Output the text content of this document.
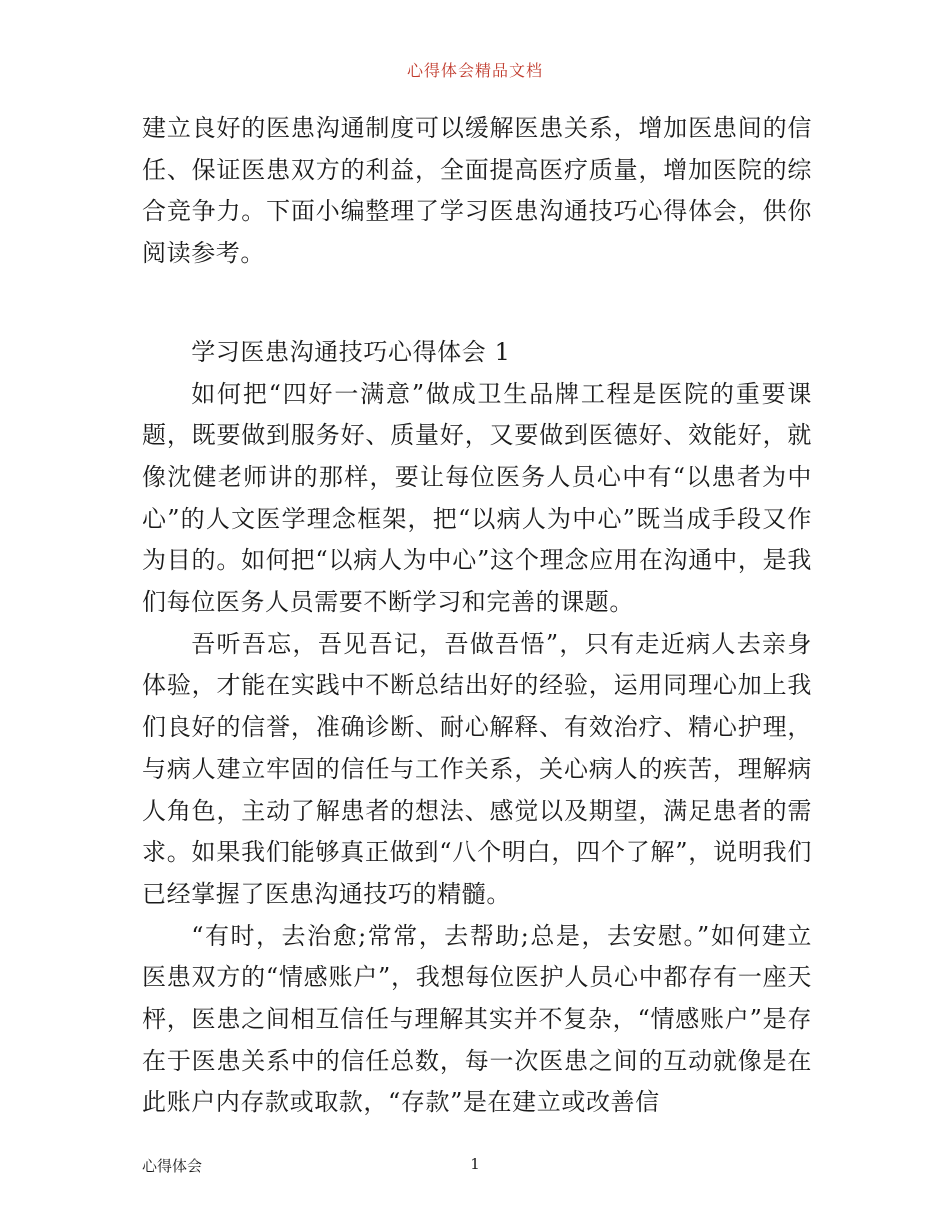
心得体会精品文档

建立良好的医患沟通制度可以缓解医患关系，增加医患间的信任、保证医患双方的利益，全面提高医疗质量，增加医院的综合竞争力。下面小编整理了学习医患沟通技巧心得体会，供你阅读参考。

学习医患沟通技巧心得体会 1

如何把“四好一满意”做成卫生品牌工程是医院的重要课题，既要做到服务好、质量好，又要做到医德好、效能好，就像沈健老师讲的那样，要让每位医务人员心中有“以患者为中心”的人文医学理念框架，把“以病人为中心”既当成手段又作为目的。如何把“以病人为中心”这个理念应用在沟通中，是我们每位医务人员需要不断学习和完善的课题。

吾听吾忘，吾见吾记，吾做吾悟”，只有走近病人去亲身体验，才能在实践中不断总结出好的经验，运用同理心加上我们良好的信誉，准确诊断、耐心解释、有效治疗、精心护理，与病人建立牢固的信任与工作关系，关心病人的疾苦，理解病人角色，主动了解患者的想法、感觉以及期望，满足患者的需求。如果我们能够真正做到“八个明白，四个了解”，说明我们已经掌握了医患沟通技巧的精髓。

“有时，去治愈;常常，去帮助;总是，去安慰。”如何建立医患双方的“情感账户”，我想每位医护人员心中都存有一座天枰，医患之间相互信任与理解其实并不复杂，“情感账户”是存在于医患关系中的信任总数，每一次医患之间的互动就像是在此账户内存款或取款，“存款”是在建立或改善信

心得体会	1
